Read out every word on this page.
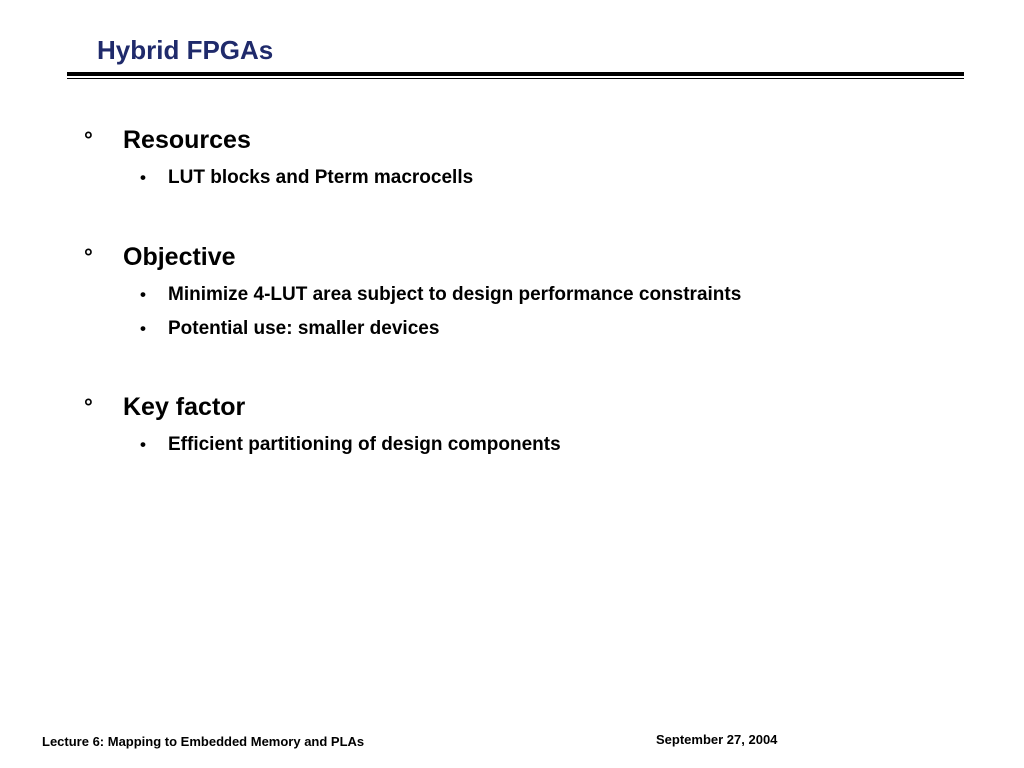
Hybrid FPGAs
° Resources
• LUT blocks and Pterm macrocells
° Objective
• Minimize 4-LUT area subject to design performance constraints
• Potential use: smaller devices
° Key factor
• Efficient partitioning of design components
Lecture 6: Mapping to Embedded Memory and PLAs	September 27, 2004
